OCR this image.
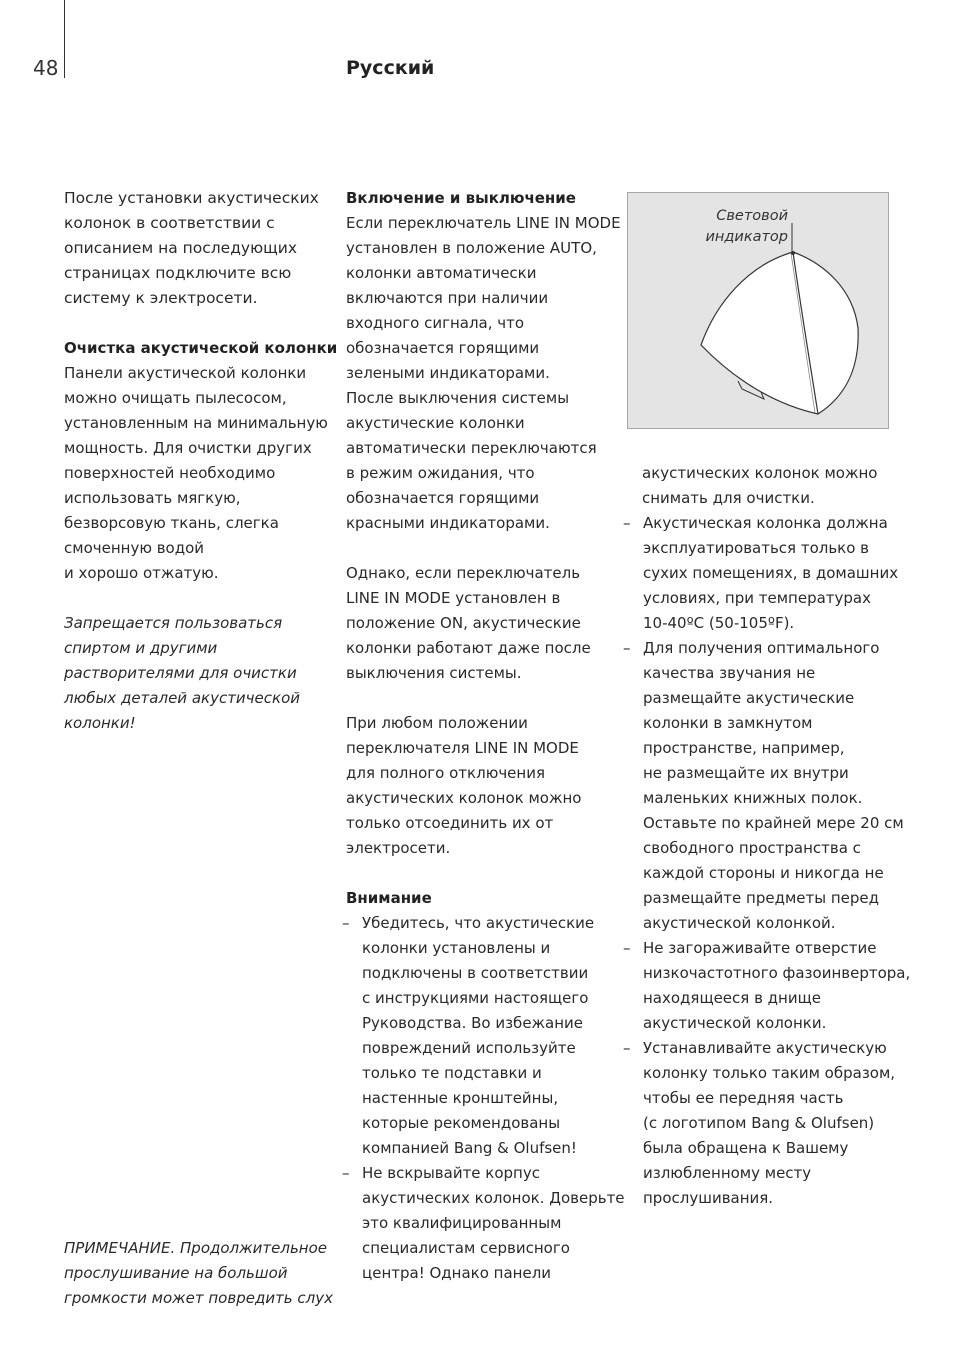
48	Русский

После установки акустических

колонок в соответствии с

описанием на последующих

страницах подключите всю

систему к электросети.

Очистка акустической колонки

Панели акустической колонки

можно очищать пылесосом,

установленным на минимальную

мощность. Для очистки других

поверхностей необходимо

использовать мягкую,

безворсовую ткань, слегка

смоченную водой

и хорошо отжатую.

Запрещается пользоваться

спиртом и другими

растворителями для очистки

любых деталей акустической

колонки!

ПРИМЕЧАНИЕ. Продолжительное

прослушивание на большой

громкости может повредить слух

Включение и выключение

Если переключатель LINE IN MODE

установлен в положение AUTO,

колонки автоматически

включаются при наличии

входного сигнала, что

обозначается горящими

зелеными индикаторами.

После выключения системы

акустические колонки

автоматически переключаются

в режим ожидания, что

обозначается горящими

красными индикаторами.

Однако, если переключатель

LINE IN MODE установлен в

положение ON, акустические

колонки работают даже после

выключения системы.

При любом положении

переключателя LINE IN MODE

для полного отключения

акустических колонок можно

только отсоединить их от

электросети.

Внимание

– Убедитесь, что акустические

колонки установлены и

подключены в соответствии

с инструкциями настоящего

Руководства. Во избежание

повреждений используйте

только те подставки и

настенные кронштейны,

которые рекомендованы

компанией Bang & Olufsen!

– Не вскрывайте корпус

акустических колонок. Доверьте

это квалифицированным

специалистам сервисного

центра! Однако панели

Световой
индикатор

акустических колонок можно

снимать для очистки.

– Акустическая колонка должна

эксплуатироваться только в

сухих помещениях, в домашних

условиях, при температурах

10-40ºC (50-105ºF).

– Для получения оптимального

качества звучания не

размещайте акустические

колонки в замкнутом

пространстве, например,

не размещайте их внутри

маленьких книжных полок.

Оставьте по крайней мере 20 см

свободного пространства с

каждой стороны и никогда не

размещайте предметы перед

акустической колонкой.

– Не загораживайте отверстие

низкочастотного фазоинвертора,

находящееся в днище

акустической колонки.

– Устанавливайте акустическую

колонку только таким образом,

чтобы ее передняя часть

(с логотипом Bang & Olufsen)

была обращена к Вашему

излюбленному месту

прослушивания.
